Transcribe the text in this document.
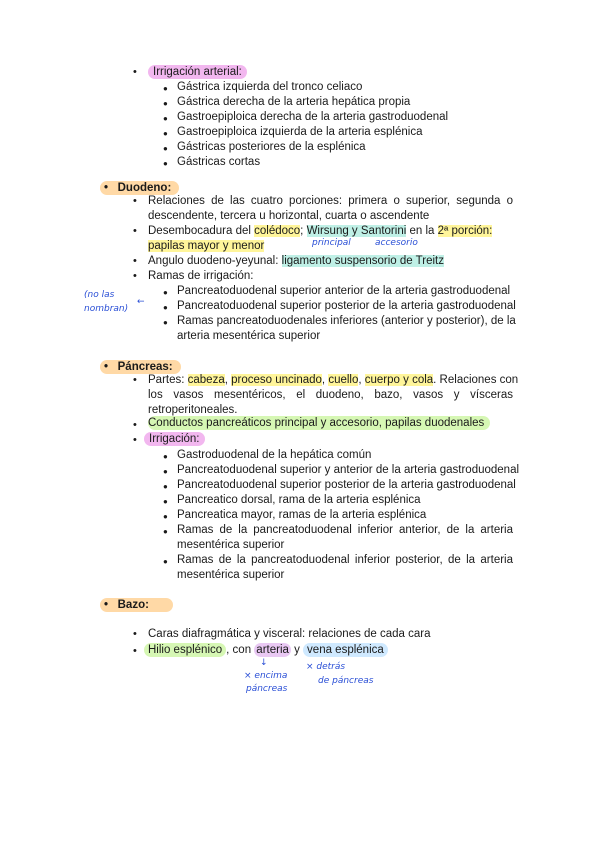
•	Irrigación arterial:
● Gástrica izquierda del tronco celiaco
● Gástrica derecha de la arteria hepática propia
● Gastroepiploica derecha de la arteria gastroduodenal
● Gastroepiploica izquierda de la arteria esplénica
● Gástricas posteriores de la esplénica
● Gástricas cortas
• Duodeno:
• Relaciones de las cuatro porciones: primera o superior, segunda o
descendente, tercera u horizontal, cuarta o ascendente
• Desembocadura del colédoco; Wirsung y Santorini en la 2ª porción:
papilas mayor y menor	principal	accesorio
• Angulo duodeno-yeyunal: ligamento suspensorio de Treitz
• Ramas de irrigación:
● Pancreatoduodenal superior anterior de la arteria gastroduodenal
● Pancreatoduodenal superior posterior de la arteria gastroduodenal
● Ramas pancreatoduodenales inferiores (anterior y posterior), de la
arteria mesentérica superior
(no las
nombran)
←
• Páncreas:
• Partes: cabeza, proceso uncinado, cuello, cuerpo y cola. Relaciones con
los vasos mesentéricos, el duodeno, bazo, vasos y vísceras
retroperitoneales.
• Conductos pancreáticos principal y accesorio, papilas duodenales
•	Irrigación:
● Gastroduodenal de la hepática común
● Pancreatoduodenal superior y anterior de la arteria gastroduodenal
● Pancreatoduodenal superior posterior de la arteria gastroduodenal
● Pancreatico dorsal, rama de la arteria esplénica
● Pancreatica mayor, ramas de la arteria esplénica
● Ramas de la pancreatoduodenal inferior anterior, de la arteria
mesentérica superior
● Ramas de la pancreatoduodenal inferior posterior, de la arteria
mesentérica superior
• Bazo:
• Caras diafragmática y visceral: relaciones de cada cara
• Hilio esplénico , con arteria y vena esplénica
↓
× encima
páncreas
× detrás
de páncreas
